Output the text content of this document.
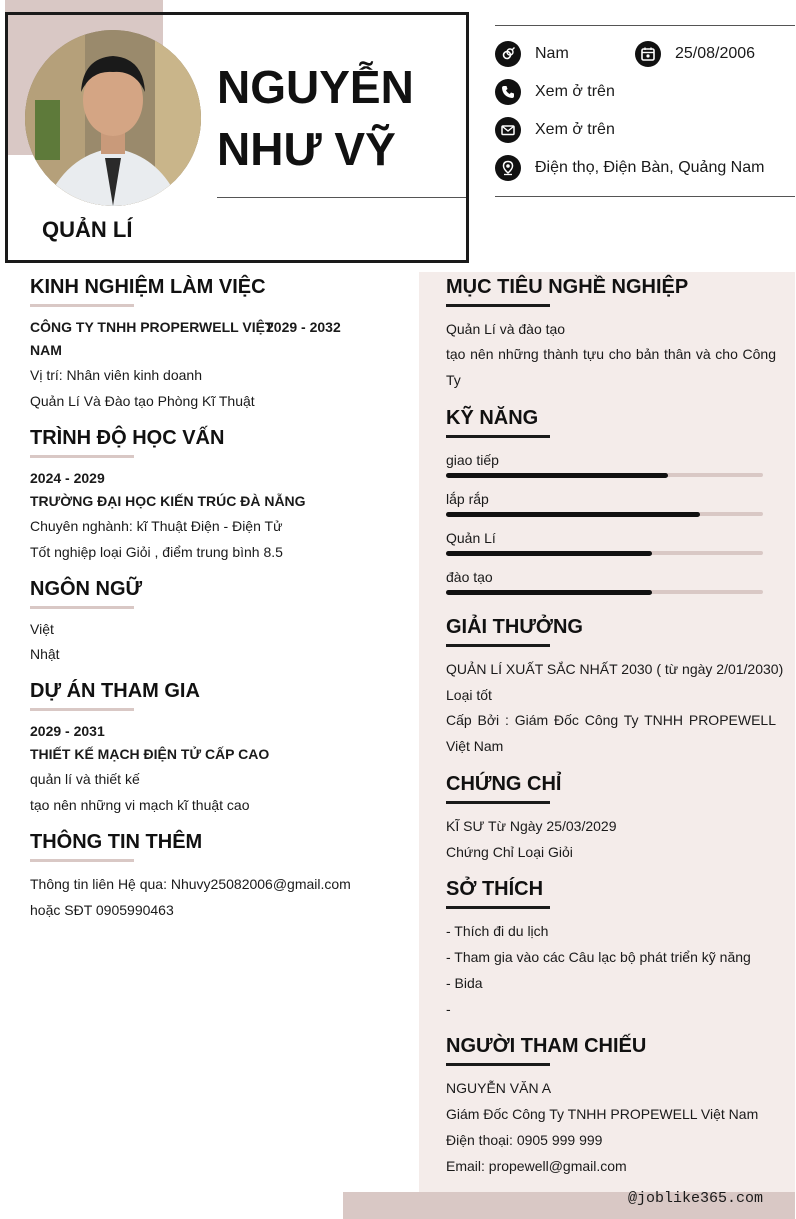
NGUYỄN
NHƯ VỸ
QUẢN LÍ
Nam	25/08/2006
Xem ở trên
Xem ở trên
Điện thọ, Điện Bàn, Quảng Nam
@joblike365.com
KINH NGHIỆM LÀM VIỆC
CÔNG TY TNHH PROPERWELL VIỆT
2029 - 2032
NAM
Vị trí: Nhân viên kinh doanh
Quản Lí Và Đào tạo Phòng Kĩ Thuật
TRÌNH ĐỘ HỌC VẤN
2024 - 2029
TRƯỜNG ĐẠI HỌC KIẾN TRÚC ĐÀ NẴNG
Chuyên nghành: kĩ Thuật Điện - Điện Tử
Tốt nghiệp loại Giỏi , điểm trung bình 8.5
NGÔN NGỮ
Việt
Nhật
DỰ ÁN THAM GIA
2029 - 2031
THIẾT KẾ MẠCH ĐIỆN TỬ CẤP CAO
quản lí và thiết kế
tạo nên những vi mạch kĩ thuật cao
THÔNG TIN THÊM
Thông tin liên Hệ qua: Nhuvy25082006@gmail.com
hoặc SĐT 0905990463
MỤC TIÊU NGHỀ NGHIỆP
Quản Lí và đào tạo
tạo nên những thành tựu cho bản thân và cho Công Ty
KỸ NĂNG
giao tiếp
lắp rắp
Quản Lí
đào tạo
GIẢI THƯỞNG
QUẢN LÍ XUẤT SẮC NHẤT 2030 ( từ ngày 2/01/2030)
Loại tốt
Cấp Bởi : Giám Đốc Công Ty TNHH PROPEWELL Việt Nam
CHỨNG CHỈ
KĨ SƯ Từ Ngày 25/03/2029
Chứng Chỉ Loại Giỏi
SỞ THÍCH
- Thích đi du lịch
- Tham gia vào các Câu lạc bộ phát triển kỹ năng
- Bida
-
NGƯỜI THAM CHIẾU
NGUYỄN VĂN A
Giám Đốc Công Ty TNHH PROPEWELL Việt Nam
Điện thoại: 0905 999 999
Email: propewell@gmail.com
